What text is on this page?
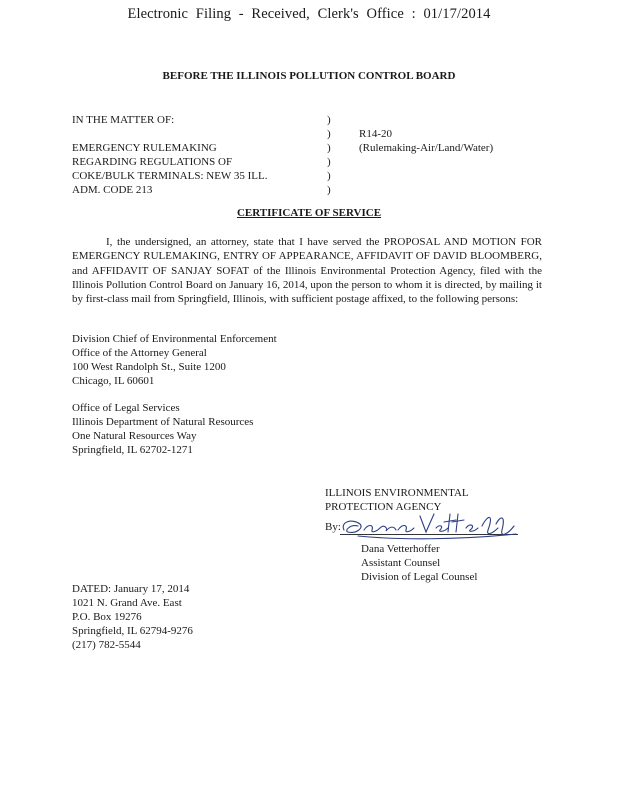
Electronic Filing - Received, Clerk's Office : 01/17/2014
BEFORE THE ILLINOIS POLLUTION CONTROL BOARD
IN THE MATTER OF:
EMERGENCY RULEMAKING
REGARDING REGULATIONS OF
COKE/BULK TERMINALS: NEW 35 ILL.
ADM. CODE 213
)
)
)
)
)
)
R14-20
(Rulemaking-Air/Land/Water)
CERTIFICATE OF SERVICE
I, the undersigned, an attorney, state that I have served the PROPOSAL AND MOTION FOR EMERGENCY RULEMAKING, ENTRY OF APPEARANCE, AFFIDAVIT OF DAVID BLOOMBERG, and AFFIDAVIT OF SANJAY SOFAT of the Illinois Environmental Protection Agency, filed with the Illinois Pollution Control Board on January 16, 2014, upon the person to whom it is directed, by mailing it by first-class mail from Springfield, Illinois, with sufficient postage affixed, to the following persons:
Division Chief of Environmental Enforcement
Office of the Attorney General
100 West Randolph St., Suite 1200
Chicago, IL 60601
Office of Legal Services
Illinois Department of Natural Resources
One Natural Resources Way
Springfield, IL 62702-1271
ILLINOIS ENVIRONMENTAL
PROTECTION AGENCY
By:
Dana Vetterhoffer
Assistant Counsel
Division of Legal Counsel
DATED: January 17, 2014
1021 N. Grand Ave. East
P.O. Box 19276
Springfield, IL 62794-9276
(217) 782-5544
